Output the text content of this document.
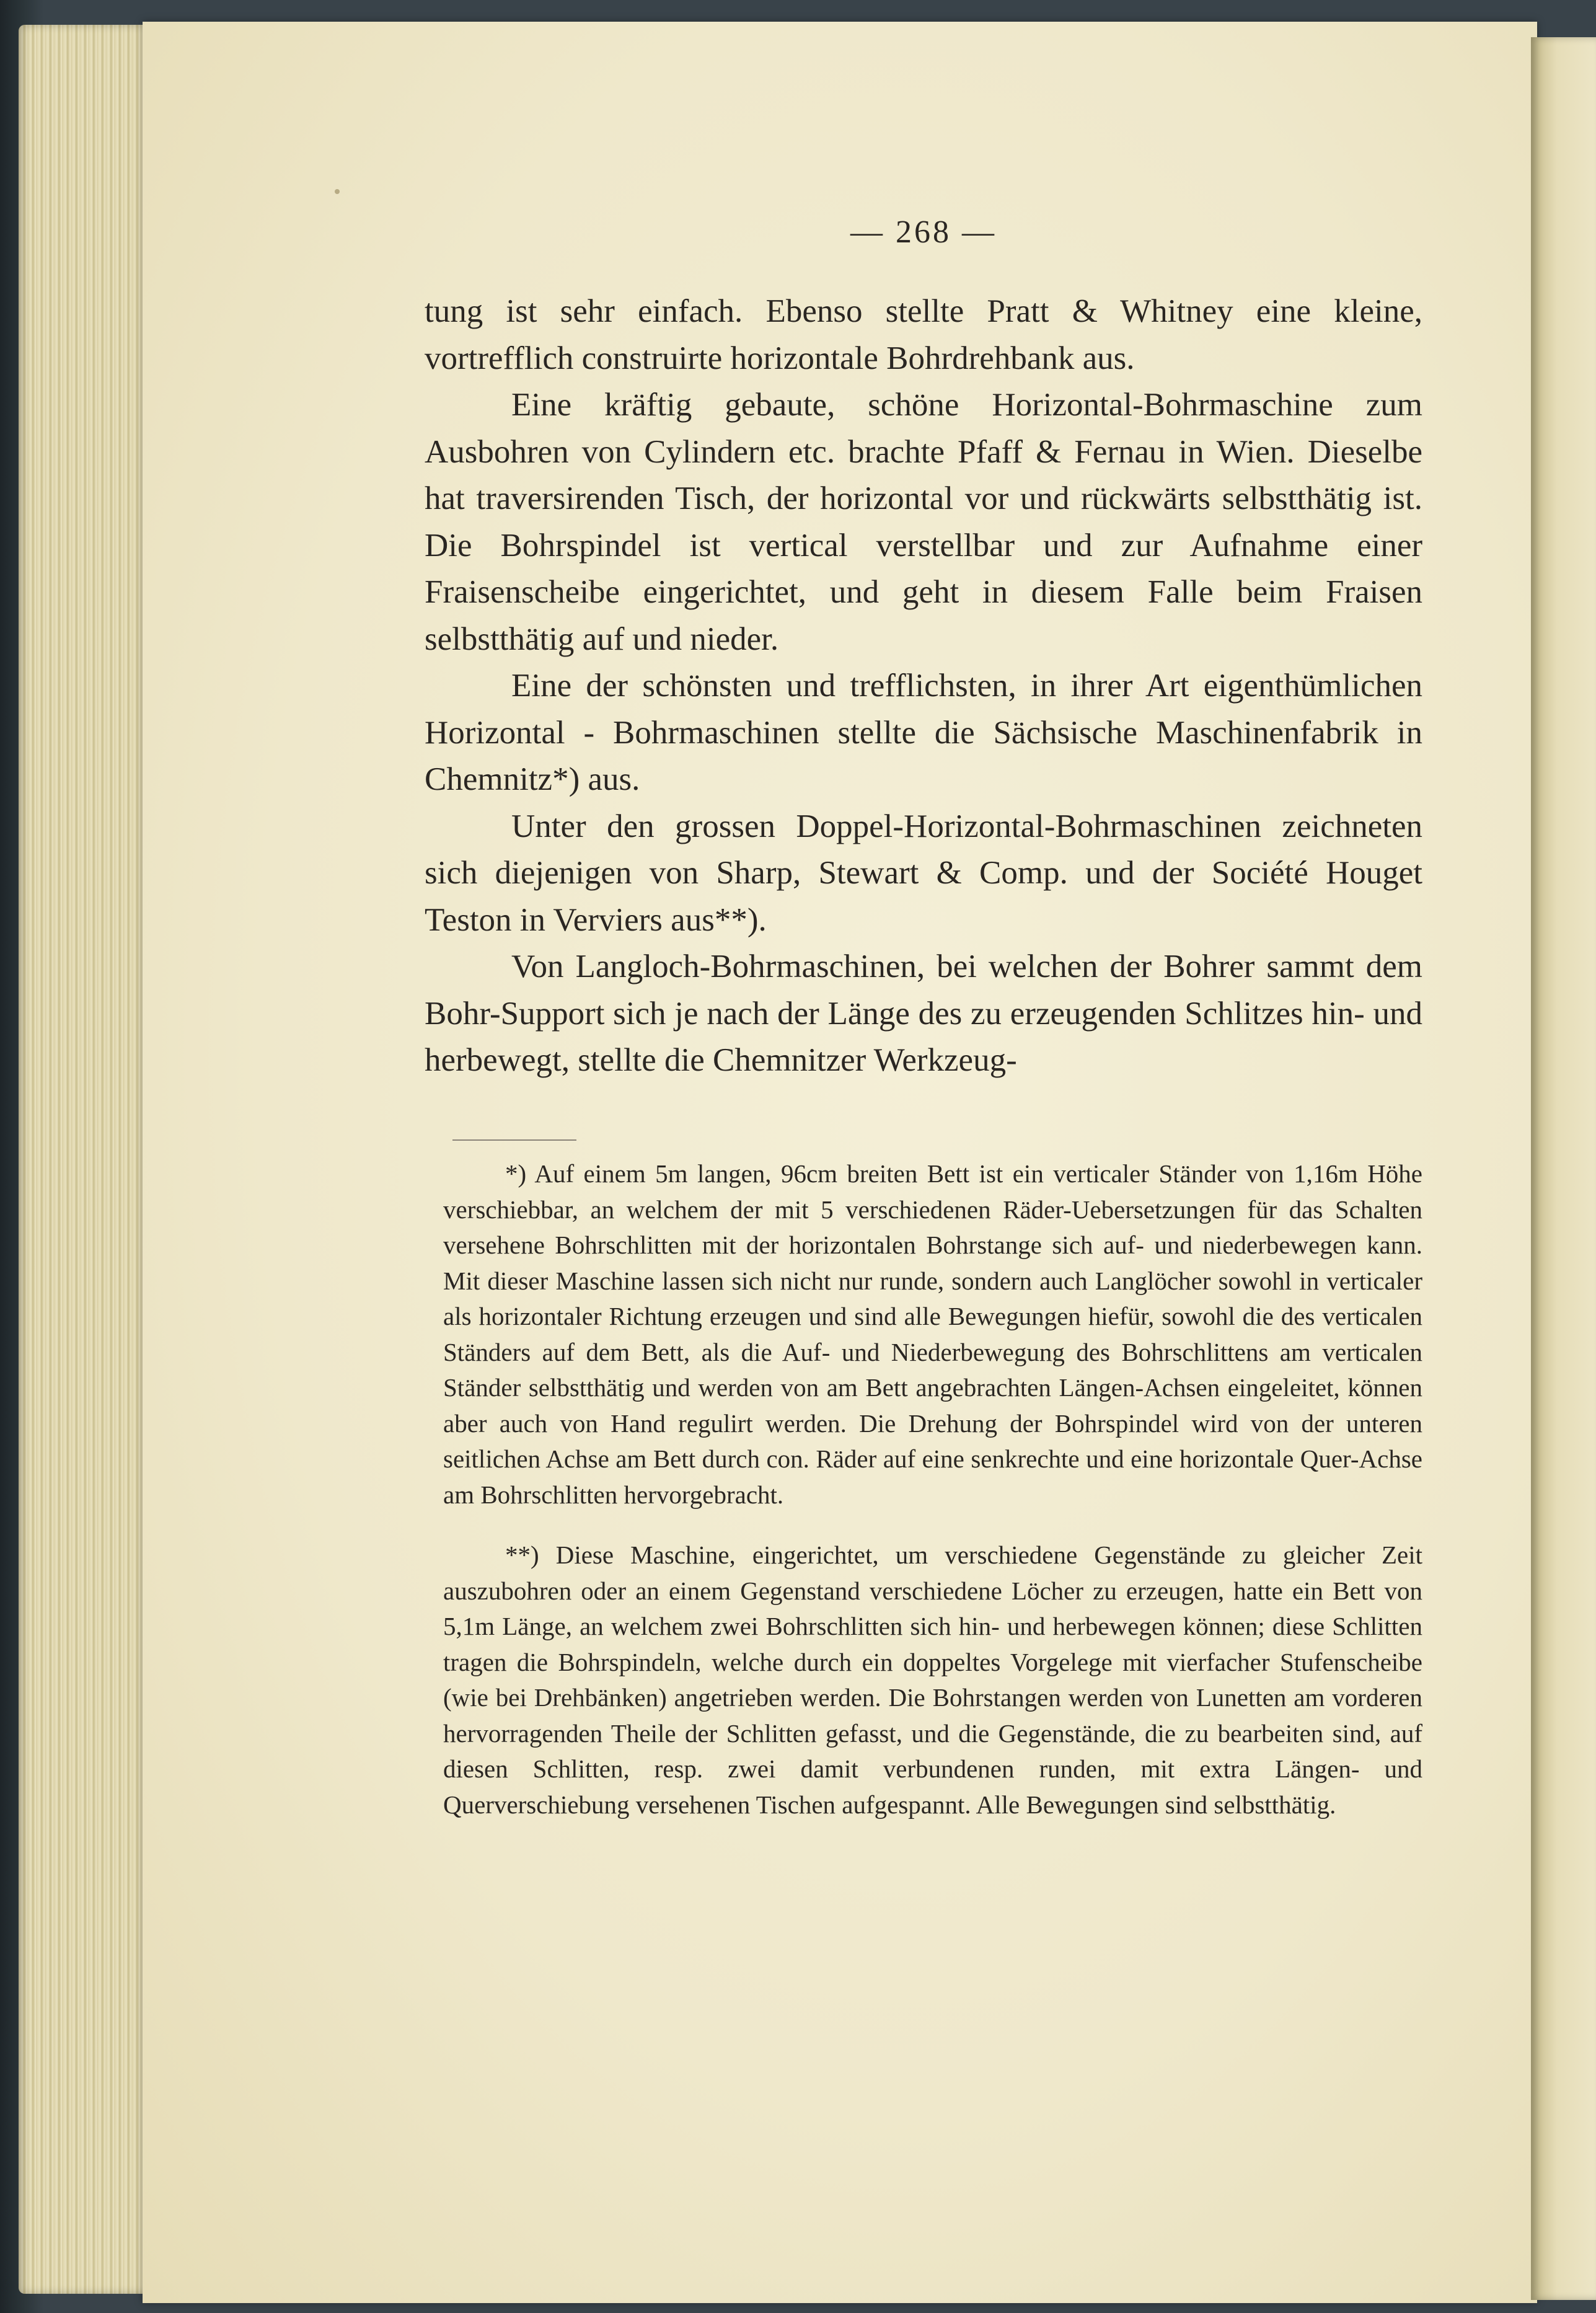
— 268 —

tung ist sehr einfach. Ebenso stellte Pratt & Whitney eine kleine, vortrefflich construirte horizontale Bohrdrehbank aus.

Eine kräftig gebaute, schöne Horizontal-Bohrmaschine zum Ausbohren von Cylindern etc. brachte Pfaff & Fernau in Wien. Dieselbe hat traversirenden Tisch, der horizontal vor und rückwärts selbstthätig ist. Die Bohrspindel ist vertical verstellbar und zur Aufnahme einer Fraisenscheibe eingerichtet, und geht in diesem Falle beim Fraisen selbstthätig auf und nieder.

Eine der schönsten und trefflichsten, in ihrer Art eigenthümlichen Horizontal - Bohrmaschinen stellte die Sächsische Maschinenfabrik in Chemnitz*) aus.

Unter den grossen Doppel-Horizontal-Bohrmaschinen zeichneten sich diejenigen von Sharp, Stewart & Comp. und der Société Houget Teston in Verviers aus**).

Von Langloch-Bohrmaschinen, bei welchen der Bohrer sammt dem Bohr-Support sich je nach der Länge des zu erzeugenden Schlitzes hin- und herbewegt, stellte die Chemnitzer Werkzeug-

*) Auf einem 5m langen, 96cm breiten Bett ist ein verticaler Ständer von 1,16m Höhe verschiebbar, an welchem der mit 5 verschiedenen Räder-Uebersetzungen für das Schalten versehene Bohrschlitten mit der horizontalen Bohrstange sich auf- und niederbewegen kann. Mit dieser Maschine lassen sich nicht nur runde, sondern auch Langlöcher sowohl in verticaler als horizontaler Richtung erzeugen und sind alle Bewegungen hiefür, sowohl die des verticalen Ständers auf dem Bett, als die Auf- und Niederbewegung des Bohrschlittens am verticalen Ständer selbstthätig und werden von am Bett angebrachten Längen-Achsen eingeleitet, können aber auch von Hand regulirt werden. Die Drehung der Bohrspindel wird von der unteren seitlichen Achse am Bett durch con. Räder auf eine senkrechte und eine horizontale Quer-Achse am Bohrschlitten hervorgebracht.

**) Diese Maschine, eingerichtet, um verschiedene Gegenstände zu gleicher Zeit auszubohren oder an einem Gegenstand verschiedene Löcher zu erzeugen, hatte ein Bett von 5,1m Länge, an welchem zwei Bohrschlitten sich hin- und herbewegen können; diese Schlitten tragen die Bohrspindeln, welche durch ein doppeltes Vorgelege mit vierfacher Stufenscheibe (wie bei Drehbänken) angetrieben werden. Die Bohrstangen werden von Lunetten am vorderen hervorragenden Theile der Schlitten gefasst, und die Gegenstände, die zu bearbeiten sind, auf diesen Schlitten, resp. zwei damit verbundenen runden, mit extra Längen- und Querverschiebung versehenen Tischen aufgespannt. Alle Bewegungen sind selbstthätig.
